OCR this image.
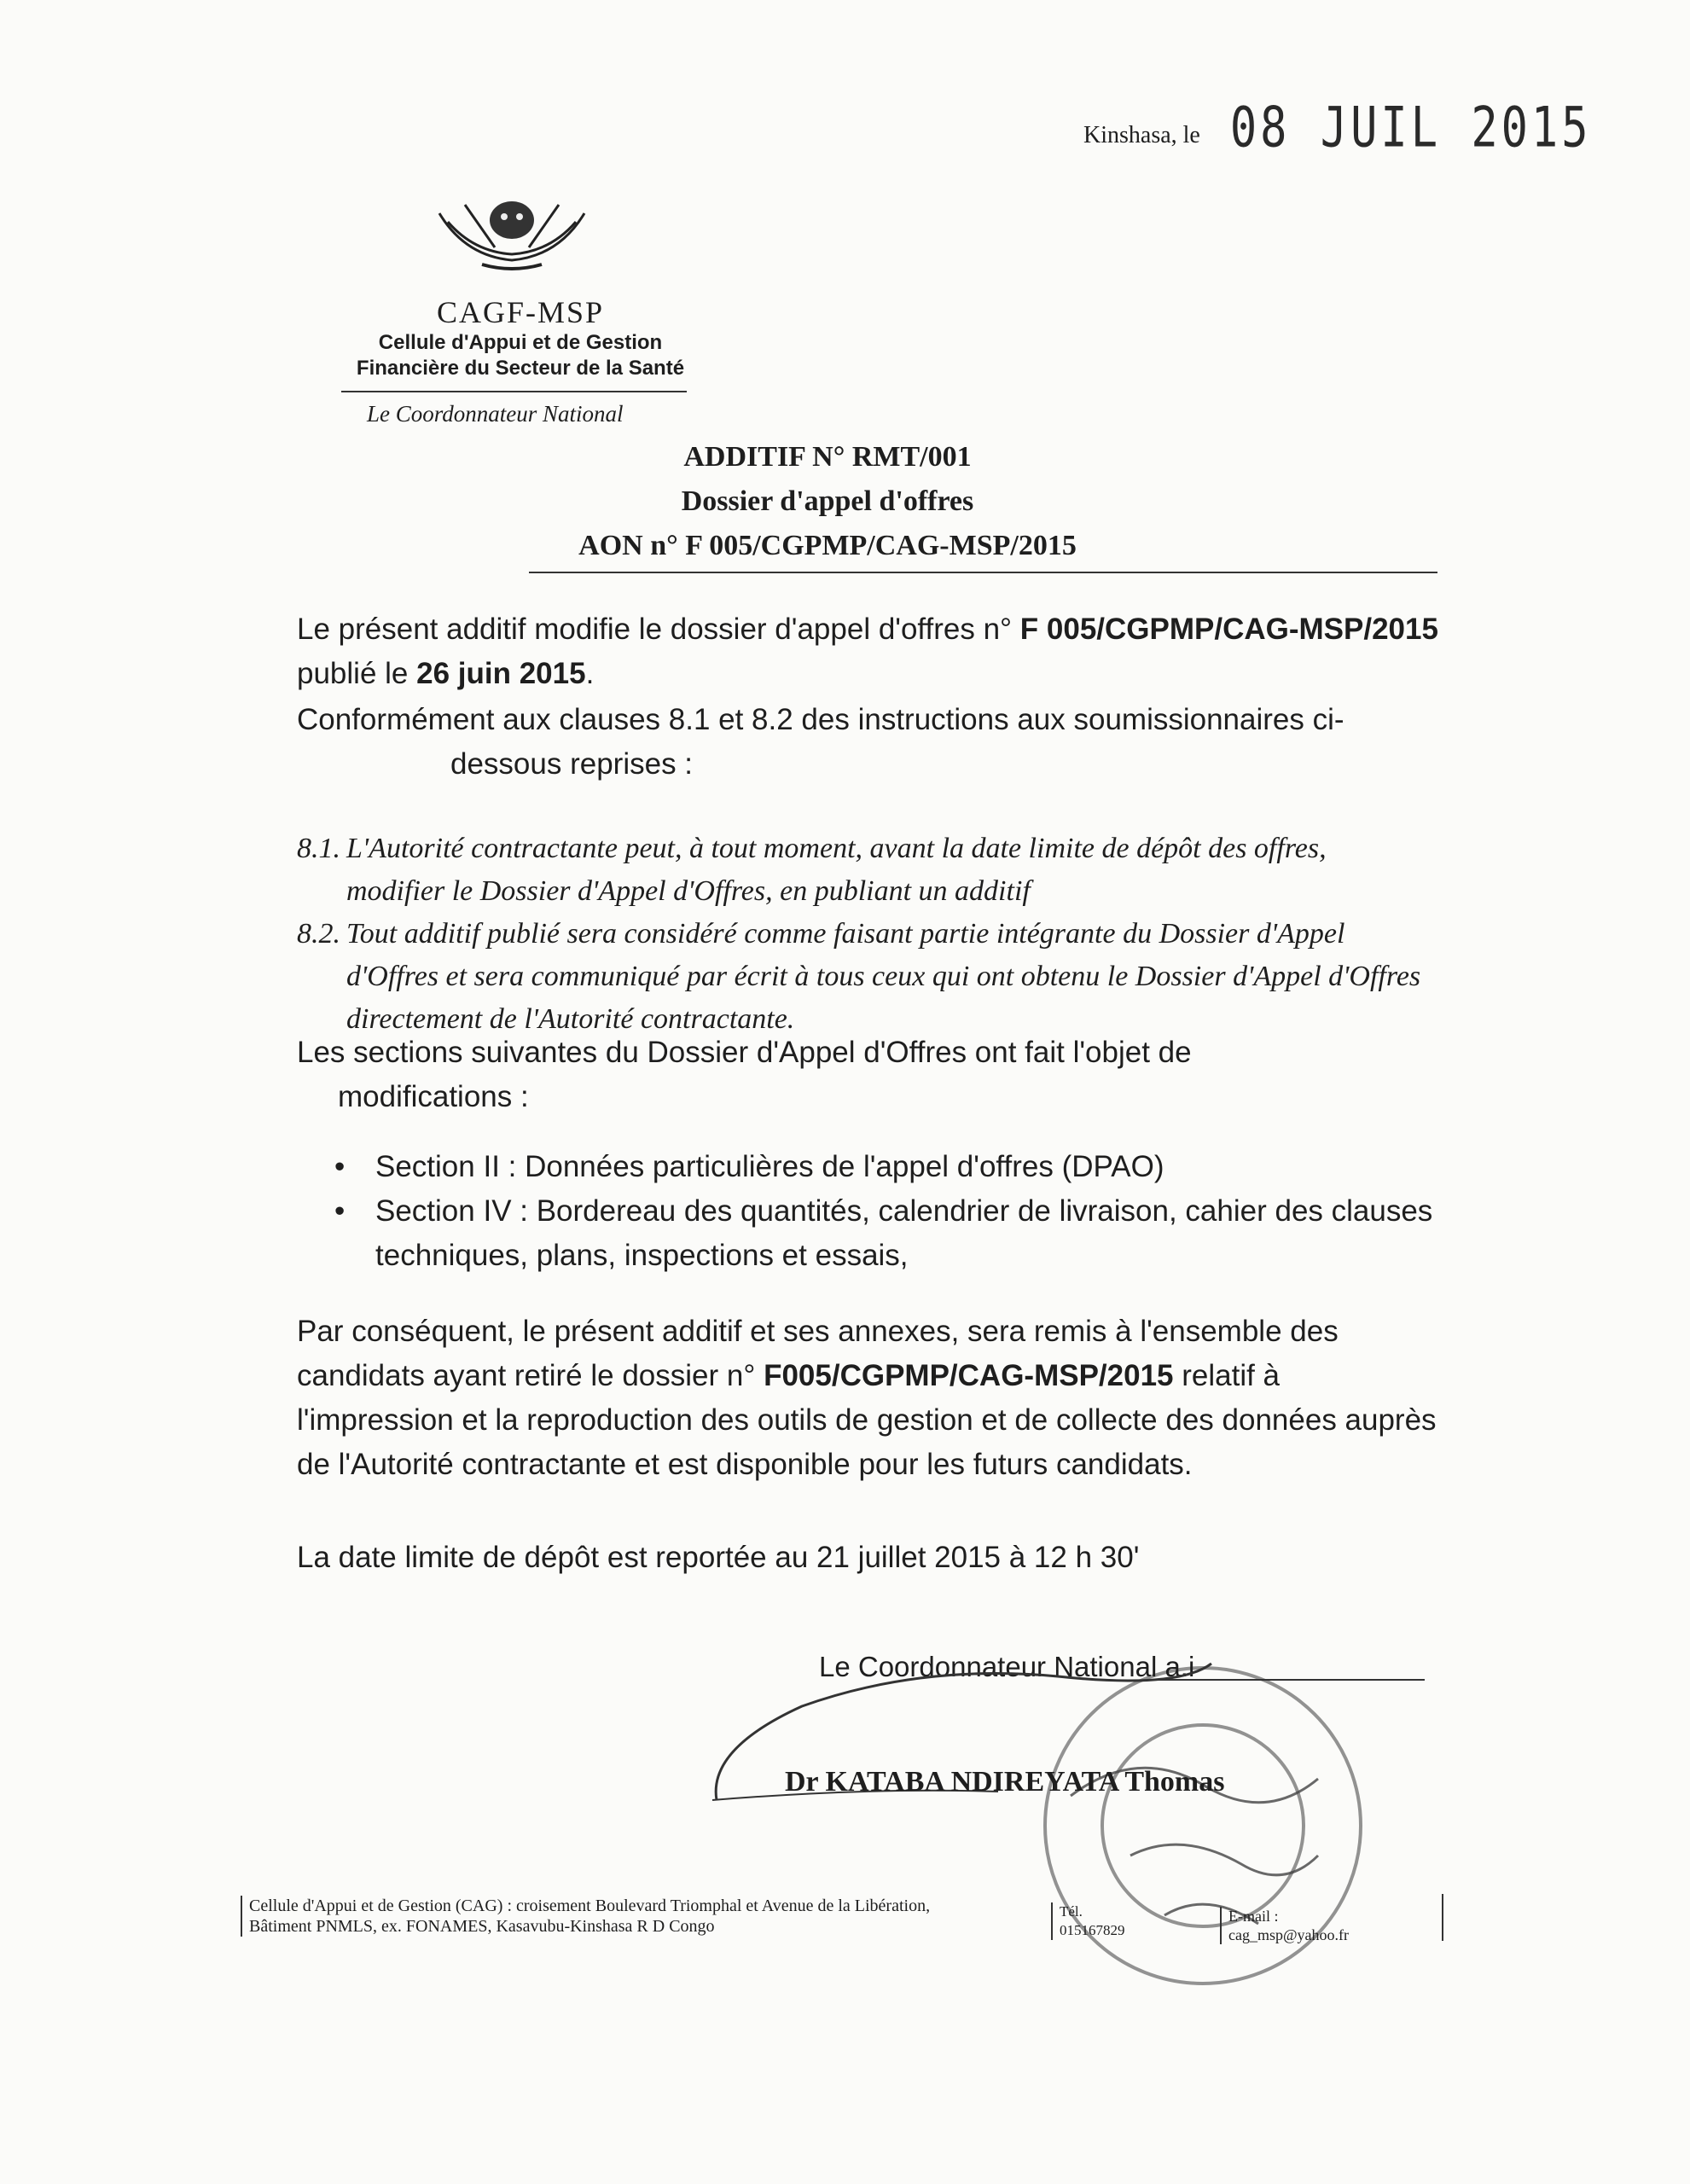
Kinshasa, le 08 JUIL 2015
CAGF-MSP
Cellule d'Appui et de Gestion
Financière du Secteur de la Santé
Le Coordonnateur National
ADDITIF N° RMT/001
Dossier d'appel d'offres
AON n° F 005/CGPMP/CAG-MSP/2015
Le présent additif modifie le dossier d'appel d'offres n° F 005/CGPMP/CAG-MSP/2015 publié le 26 juin 2015.
Conformément aux clauses 8.1 et 8.2 des instructions aux soumissionnaires ci-
dessous reprises :
8.1. L'Autorité contractante peut, à tout moment, avant la date limite de dépôt des offres, modifier le Dossier d'Appel d'Offres, en publiant un additif
8.2. Tout additif publié sera considéré comme faisant partie intégrante du Dossier d'Appel d'Offres et sera communiqué par écrit à tous ceux qui ont obtenu le Dossier d'Appel d'Offres directement de l'Autorité contractante.
Les sections suivantes du Dossier d'Appel d'Offres ont fait l'objet de
modifications :
• Section II : Données particulières de l'appel d'offres (DPAO)
• Section IV : Bordereau des quantités, calendrier de livraison, cahier des clauses techniques, plans, inspections et essais,
Par conséquent, le présent additif et ses annexes, sera remis à l'ensemble des candidats ayant retiré le dossier n° F005/CGPMP/CAG-MSP/2015 relatif à l'impression et la reproduction des outils de gestion et de collecte des données auprès de l'Autorité contractante et est disponible pour les futurs candidats.
La date limite de dépôt est reportée au 21 juillet 2015 à 12 h 30'
Le Coordonnateur National a.i
Dr KATABA NDIREYATA Thomas
Cellule d'Appui et de Gestion (CAG) : croisement Boulevard Triomphal et Avenue de la Libération,
Bâtiment PNMLS, ex. FONAMES, Kasavubu-Kinshasa R D Congo
Tél.
015167829
E-mail :
cag_msp@yahoo.fr
